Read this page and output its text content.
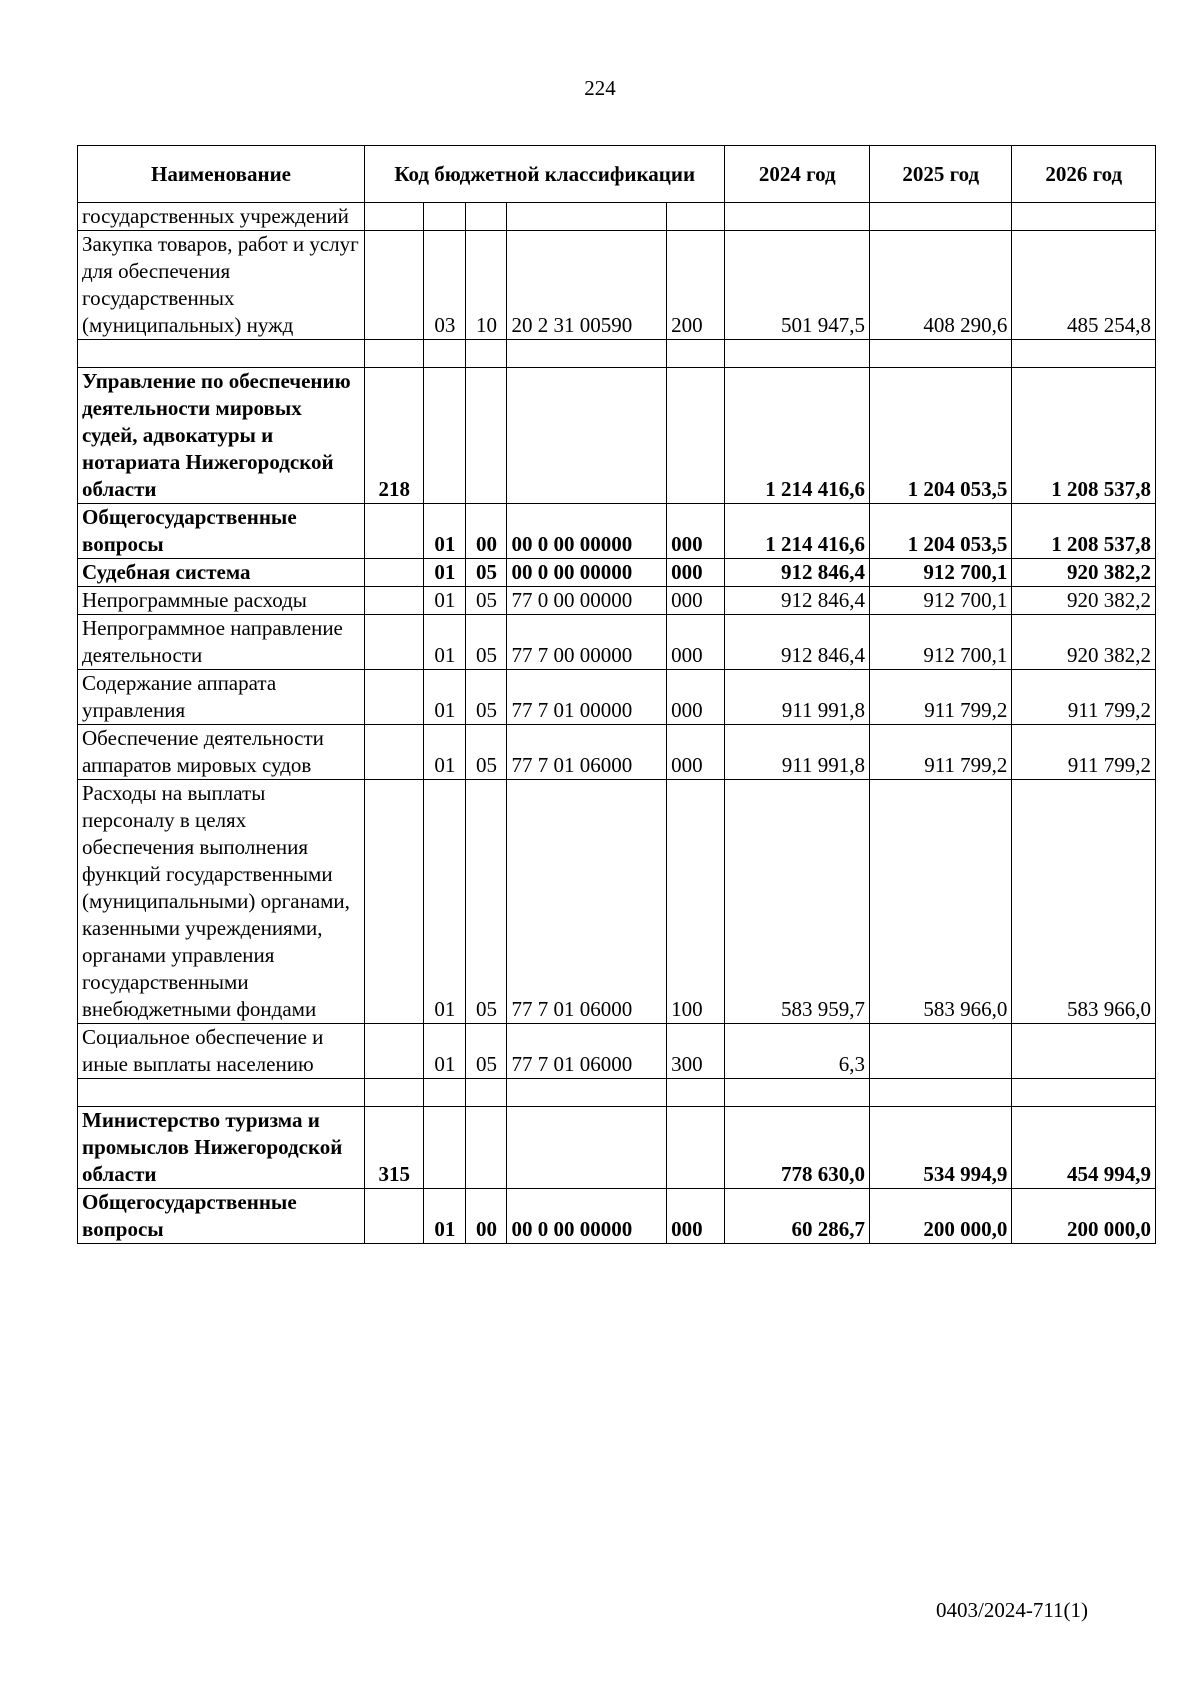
224
Наименование	Код бюджетной классификации					2024 год	2025 год	2026 год
государственных учреждений								
Закупка товаров, работ и услуг для обеспечения государственных (муниципальных) нужд		03	10	20 2 31 00590	200	501 947,5	408 290,6	485 254,8

Управление по обеспечению деятельности мировых судей, адвокатуры и нотариата Нижегородской области	218					1 214 416,6	1 204 053,5	1 208 537,8
Общегосударственные вопросы		01	00	00 0 00 00000	000	1 214 416,6	1 204 053,5	1 208 537,8
Судебная система		01	05	00 0 00 00000	000	912 846,4	912 700,1	920 382,2
Непрограммные расходы		01	05	77 0 00 00000	000	912 846,4	912 700,1	920 382,2
Непрограммное направление деятельности		01	05	77 7 00 00000	000	912 846,4	912 700,1	920 382,2
Содержание аппарата управления		01	05	77 7 01 00000	000	911 991,8	911 799,2	911 799,2
Обеспечение деятельности аппаратов мировых судов		01	05	77 7 01 06000	000	911 991,8	911 799,2	911 799,2
Расходы на выплаты персоналу в целях обеспечения выполнения функций государственными (муниципальными) органами, казенными учреждениями, органами управления государственными внебюджетными фондами		01	05	77 7 01 06000	100	583 959,7	583 966,0	583 966,0
Социальное обеспечение и иные выплаты населению		01	05	77 7 01 06000	300	6,3		

Министерство туризма и промыслов Нижегородской области	315					778 630,0	534 994,9	454 994,9
Общегосударственные вопросы		01	00	00 0 00 00000	000	60 286,7	200 000,0	200 000,0
0403/2024-711(1)
